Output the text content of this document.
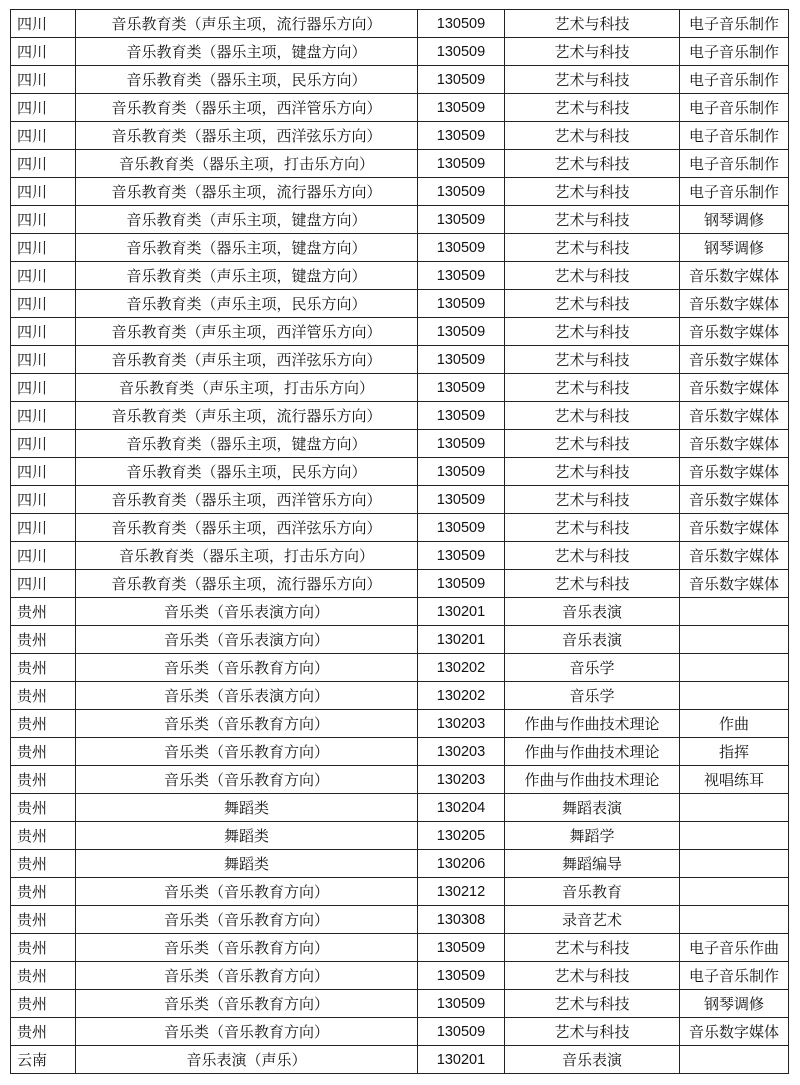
四川	音乐教育类（声乐主项，流行器乐方向）	130509	艺术与科技	电子音乐制作
四川	音乐教育类（器乐主项，键盘方向）	130509	艺术与科技	电子音乐制作
四川	音乐教育类（器乐主项，民乐方向）	130509	艺术与科技	电子音乐制作
四川	音乐教育类（器乐主项，西洋管乐方向）	130509	艺术与科技	电子音乐制作
四川	音乐教育类（器乐主项，西洋弦乐方向）	130509	艺术与科技	电子音乐制作
四川	音乐教育类（器乐主项，打击乐方向）	130509	艺术与科技	电子音乐制作
四川	音乐教育类（器乐主项，流行器乐方向）	130509	艺术与科技	电子音乐制作
四川	音乐教育类（声乐主项，键盘方向）	130509	艺术与科技	钢琴调修
四川	音乐教育类（器乐主项，键盘方向）	130509	艺术与科技	钢琴调修
四川	音乐教育类（声乐主项，键盘方向）	130509	艺术与科技	音乐数字媒体
四川	音乐教育类（声乐主项，民乐方向）	130509	艺术与科技	音乐数字媒体
四川	音乐教育类（声乐主项，西洋管乐方向）	130509	艺术与科技	音乐数字媒体
四川	音乐教育类（声乐主项，西洋弦乐方向）	130509	艺术与科技	音乐数字媒体
四川	音乐教育类（声乐主项，打击乐方向）	130509	艺术与科技	音乐数字媒体
四川	音乐教育类（声乐主项，流行器乐方向）	130509	艺术与科技	音乐数字媒体
四川	音乐教育类（器乐主项，键盘方向）	130509	艺术与科技	音乐数字媒体
四川	音乐教育类（器乐主项，民乐方向）	130509	艺术与科技	音乐数字媒体
四川	音乐教育类（器乐主项，西洋管乐方向）	130509	艺术与科技	音乐数字媒体
四川	音乐教育类（器乐主项，西洋弦乐方向）	130509	艺术与科技	音乐数字媒体
四川	音乐教育类（器乐主项，打击乐方向）	130509	艺术与科技	音乐数字媒体
四川	音乐教育类（器乐主项，流行器乐方向）	130509	艺术与科技	音乐数字媒体
贵州	音乐类（音乐表演方向）	130201	音乐表演	
贵州	音乐类（音乐表演方向）	130201	音乐表演	
贵州	音乐类（音乐教育方向）	130202	音乐学	
贵州	音乐类（音乐表演方向）	130202	音乐学	
贵州	音乐类（音乐教育方向）	130203	作曲与作曲技术理论	作曲
贵州	音乐类（音乐教育方向）	130203	作曲与作曲技术理论	指挥
贵州	音乐类（音乐教育方向）	130203	作曲与作曲技术理论	视唱练耳
贵州	舞蹈类	130204	舞蹈表演	
贵州	舞蹈类	130205	舞蹈学	
贵州	舞蹈类	130206	舞蹈编导	
贵州	音乐类（音乐教育方向）	130212	音乐教育	
贵州	音乐类（音乐教育方向）	130308	录音艺术	
贵州	音乐类（音乐教育方向）	130509	艺术与科技	电子音乐作曲
贵州	音乐类（音乐教育方向）	130509	艺术与科技	电子音乐制作
贵州	音乐类（音乐教育方向）	130509	艺术与科技	钢琴调修
贵州	音乐类（音乐教育方向）	130509	艺术与科技	音乐数字媒体
云南	音乐表演（声乐）	130201	音乐表演	
